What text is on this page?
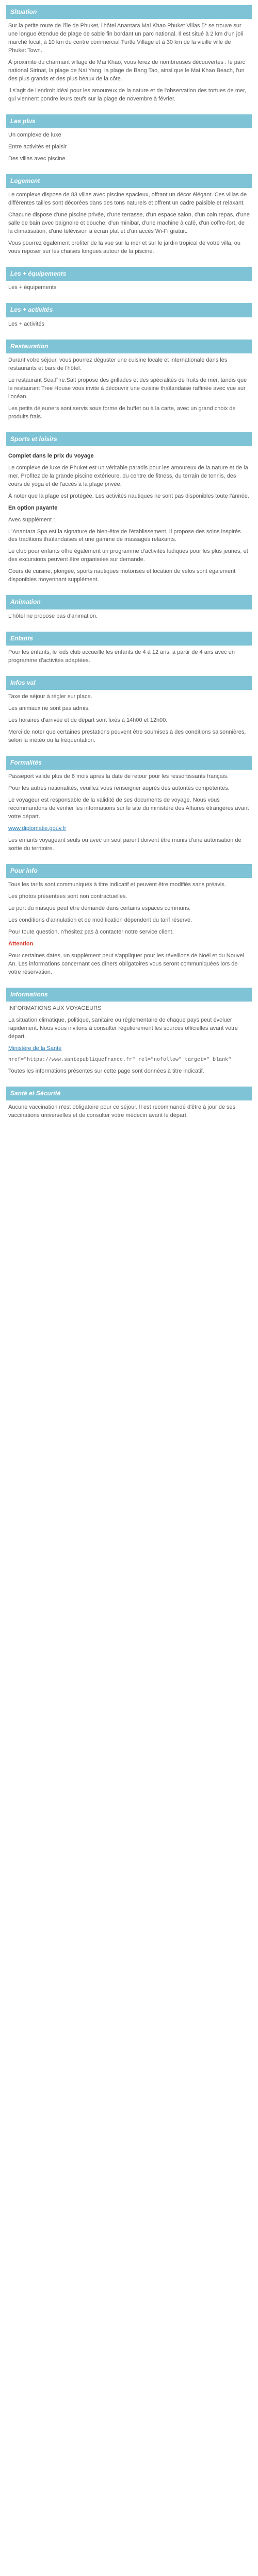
Situation

Sur la petite route de l'île de Phuket, l'hôtel Anantara Mai Khao Phuket Villas 5* se trouve sur une longue étendue de plage de sable fin bordant un parc national. Il est situé à 2 km d'un joli marché local, à 10 km du centre commercial Turtle Village et à 30 km de la vieille ville de Phuket Town.

À proximité du charmant village de Mai Khao, vous ferez de nombreuses découvertes : le parc national Sirinat, la plage de Nai Yang, la plage de Bang Tao, ainsi que le Mai Khao Beach, l'un des plus grands et des plus beaux de la côte.

Il s'agit de l'endroit idéal pour les amoureux de la nature et de l'observation des tortues de mer, qui viennent pondre leurs œufs sur la plage de novembre à février.

Les plus

Un complexe de luxe

Entre activités et plaisir

Des villas avec piscine

Logement

Le complexe dispose de 83 villas avec piscine spacieux, offrant un décor élégant. Ces villas de différentes tailles sont décorées dans des tons naturels et offrent un cadre paisible et relaxant.

Chacune dispose d'une piscine privée, d'une terrasse, d'un espace salon, d'un coin repas, d'une salle de bain avec baignoire et douche, d'un minibar, d'une machine à café, d'un coffre-fort, de la climatisation, d'une télévision à écran plat et d'un accès Wi-Fi gratuit.

Vous pourrez également profiter de la vue sur la mer et sur le jardin tropical de votre villa, ou vous reposer sur les chaises longues autour de la piscine.

Les + équipements

Les + équipements

Les + activités

Les + activités

Restauration

Durant votre séjour, vous pourrez déguster une cuisine locale et internationale dans les restaurants et bars de l'hôtel.

Le restaurant Sea.Fire.Salt propose des grillades et des spécialités de fruits de mer, tandis que le restaurant Tree House vous invite à découvrir une cuisine thaïlandaise raffinée avec vue sur l'océan.

Les petits déjeuners sont servis sous forme de buffet ou à la carte, avec un grand choix de produits frais.

Sports et loisirs

Complet dans le prix du voyage

Le complexe de luxe de Phuket est un véritable paradis pour les amoureux de la nature et de la mer. Profitez de la grande piscine extérieure, du centre de fitness, du terrain de tennis, des cours de yoga et de l'accès à la plage privée.

À noter que la plage est protégée. Les activités nautiques ne sont pas disponibles toute l'année.

En option payante

Avec supplément :

L'Anantara Spa est la signature de bien-être de l'établissement. Il propose des soins inspirés des traditions thaïlandaises et une gamme de massages relaxants.

Le club pour enfants offre également un programme d'activités ludiques pour les plus jeunes, et des excursions peuvent être organisées sur demande.

Cours de cuisine, plongée, sports nautiques motorisés et location de vélos sont également disponibles moyennant supplément.

Animation

L'hôtel ne propose pas d'animation.

Enfants

Pour les enfants, le kids club accueille les enfants de 4 à 12 ans, à partir de 4 ans avec un programme d'activités adaptées.

Infos val

Taxe de séjour à régler sur place.

Les animaux ne sont pas admis.

Les horaires d'arrivée et de départ sont fixés à 14h00 et 12h00.

Merci de noter que certaines prestations peuvent être soumises à des conditions saisonnières, selon la météo ou la fréquentation.

Formalités

Passeport valide plus de 6 mois après la date de retour pour les ressortissants français.

Pour les autres nationalités, veuillez vous renseigner auprès des autorités compétentes.

Le voyageur est responsable de la validité de ses documents de voyage. Nous vous recommandons de vérifier les informations sur le site du ministère des Affaires étrangères avant votre départ.

www.diplomatie.gouv.fr

Les enfants voyageant seuls ou avec un seul parent doivent être munis d'une autorisation de sortie du territoire.

Pour info

Tous les tarifs sont communiqués à titre indicatif et peuvent être modifiés sans préavis.

Les photos présentées sont non contractuelles.

Le port du masque peut être demandé dans certains espaces communs.

Les conditions d'annulation et de modification dépendent du tarif réservé.

Pour toute question, n'hésitez pas à contacter notre service client.

Attention

Pour certaines dates, un supplément peut s'appliquer pour les réveillons de Noël et du Nouvel An. Les informations concernant ces dîners obligatoires vous seront communiquées lors de votre réservation.

Informations

INFORMATIONS AUX VOYAGEURS

La situation climatique, politique, sanitaire ou réglementaire de chaque pays peut évoluer rapidement. Nous vous invitons à consulter régulièrement les sources officielles avant votre départ.

Ministère de la Santé

href="https://www.santepubliquefrance.fr" rel="nofollow" target="_blank"

Toutes les informations présentes sur cette page sont données à titre indicatif.

Santé et Sécurité

Aucune vaccination n'est obligatoire pour ce séjour. Il est recommandé d'être à jour de ses vaccinations universelles et de consulter votre médecin avant le départ.
